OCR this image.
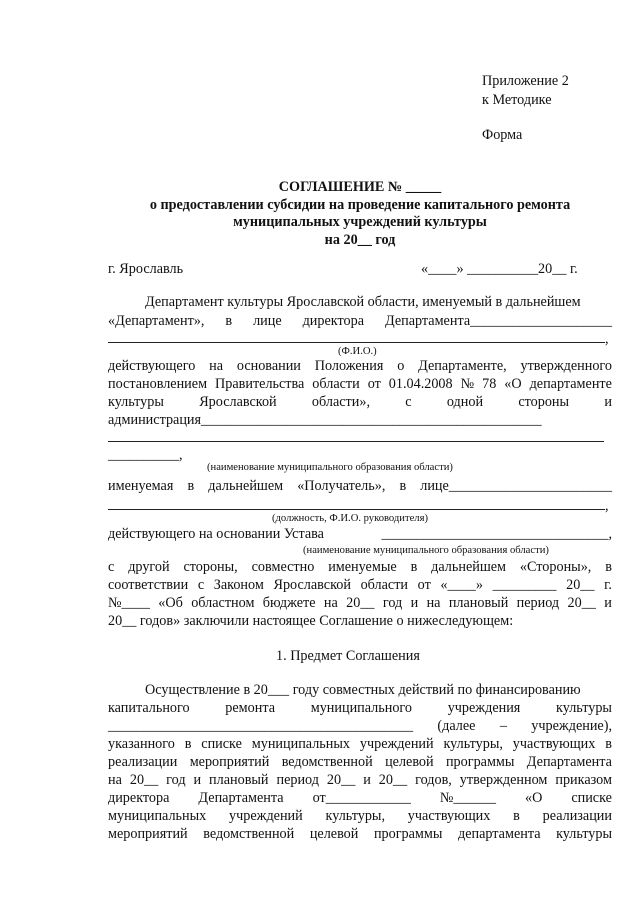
Приложение 2
к Методике
Форма
СОГЛАШЕНИЕ № _____
о предоставлении субсидии на проведение капитального ремонта
муниципальных учреждений культуры
на 20__ год
г. Ярославль	«____» __________20__ г.
Департамент культуры Ярославской области, именуемый в дальнейшем
«Департамент», в лице директора Департамента____________________
,
(Ф.И.О.)
действующего на основании Положения о Департаменте, утвержденного
постановлением Правительства области от 01.04.2008 № 78 «О департаменте
культуры Ярославской области», с одной стороны и
администрация________________________________________________
__________,
(наименование муниципального образования области)
именуемая в дальнейшем «Получатель», в лице_______________________
,
(должность, Ф.И.О. руководителя)
действующего на основании Устава	________________________________,
(наименование муниципального образования области)
с другой стороны, совместно именуемые в дальнейшем «Стороны», в
соответствии с Законом Ярославской области от «____» _________ 20__ г.
№____ «Об областном бюджете на 20__ год и на плановый период 20__ и
20__ годов» заключили настоящее Соглашение о нижеследующем:
1. Предмет Соглашения
Осуществление в 20___ году совместных действий по финансированию
капитального	ремонта	муниципального	учреждения	культуры
___________________________________________ (далее – учреждение),
указанного в списке муниципальных учреждений культуры, участвующих в
реализации мероприятий ведомственной целевой программы Департамента
на 20__ год и плановый период 20__ и 20__ годов, утвержденном приказом
директора Департамента от____________ №______ «О списке
муниципальных учреждений культуры, участвующих в реализации
мероприятий ведомственной целевой программы департамента культуры
